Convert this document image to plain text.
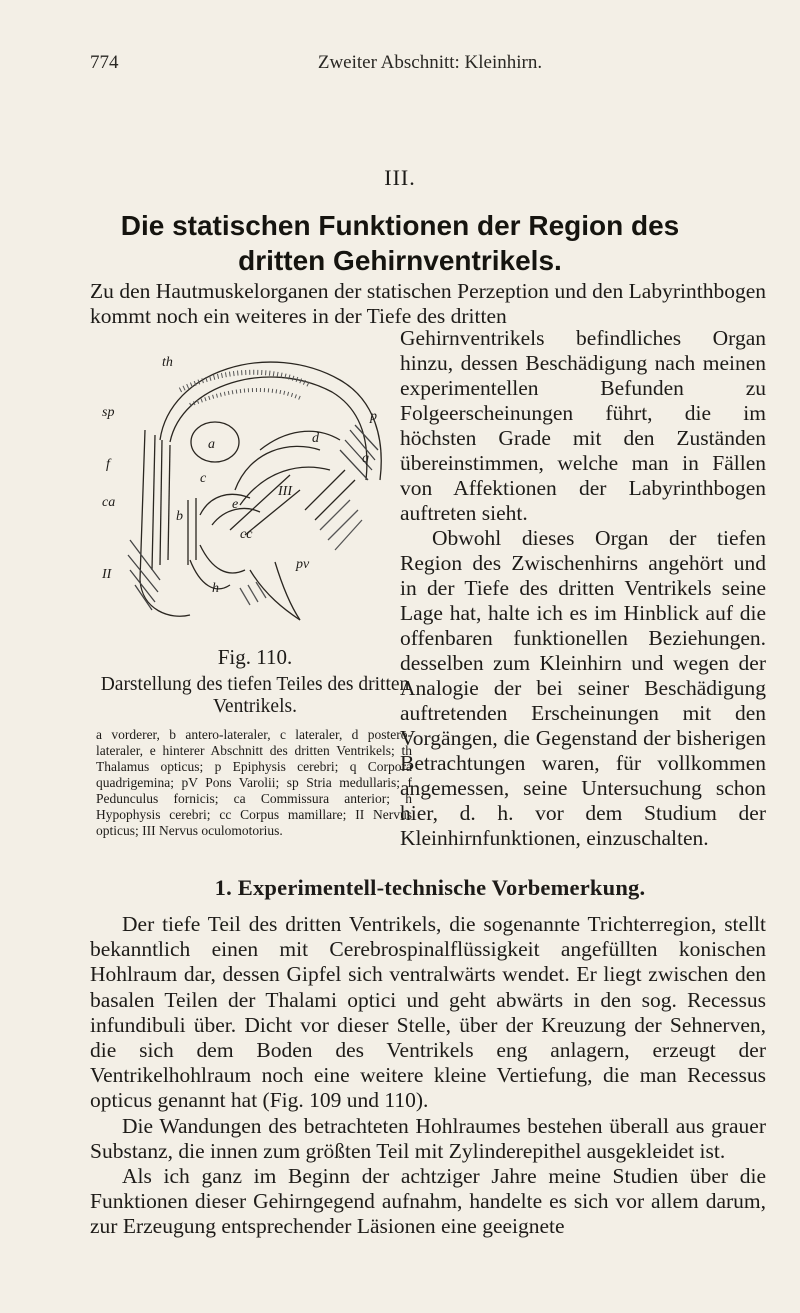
774	Zweiter Abschnitt: Kleinhirn.
III.
Die statischen Funktionen der Region des dritten Gehirnventrikels.
Zu den Hautmuskelorganen der statischen Perzeption und den Labyrinthbogen kommt noch ein weiteres in der Tiefe des dritten
th
sp
f
ca
II
p
q
pv
III
h
a
b
c
d
e
cc
Fig. 110.
Darstellung des tiefen Teiles des dritten Ventrikels.
a vorderer, b antero-lateraler, c lateraler, d postero-lateraler, e hinterer Abschnitt des dritten Ventrikels; th Thalamus opticus; p Epiphysis cerebri; q Corpora quadrigemina; pV Pons Varolii; sp Stria medullaris; f Pedunculus fornicis; ca Commissura anterior; h Hypophysis cerebri; cc Corpus mamillare; II Nervus opticus; III Nervus oculomotorius.

Gehirnventrikels befindliches Organ hinzu, dessen Beschädigung nach meinen experimentellen Befunden zu Folgeerscheinungen führt, die im höchsten Grade mit den Zuständen übereinstimmen, welche man in Fällen von Affektionen der Labyrinthbogen auftreten sieht.

Obwohl dieses Organ der tiefen Region des Zwischenhirns angehört und in der Tiefe des dritten Ventrikels seine Lage hat, halte ich es im Hinblick auf die offenbaren funktionellen Beziehungen. desselben zum Kleinhirn und wegen der Analogie der bei seiner Beschädigung auftretenden Erscheinungen mit den Vorgängen, die Gegenstand der bisherigen Betrachtungen waren, für vollkommen angemessen, seine Untersuchung schon hier, d. h. vor dem Studium der Kleinhirnfunktionen, einzuschalten.

1. Experimentell-technische Vorbemerkung.

Der tiefe Teil des dritten Ventrikels, die sogenannte Trichterregion, stellt bekanntlich einen mit Cerebrospinalflüssigkeit angefüllten konischen Hohlraum dar, dessen Gipfel sich ventralwärts wendet. Er liegt zwischen den basalen Teilen der Thalami optici und geht abwärts in den sog. Recessus infundibuli über. Dicht vor dieser Stelle, über der Kreuzung der Sehnerven, die sich dem Boden des Ventrikels eng anlagern, erzeugt der Ventrikelhohlraum noch eine weitere kleine Vertiefung, die man Recessus opticus genannt hat (Fig. 109 und 110).

Die Wandungen des betrachteten Hohlraumes bestehen überall aus grauer Substanz, die innen zum größten Teil mit Zylinderepithel ausgekleidet ist.

Als ich ganz im Beginn der achtziger Jahre meine Studien über die Funktionen dieser Gehirngegend aufnahm, handelte es sich vor allem darum, zur Erzeugung entsprechender Läsionen eine geeignete
